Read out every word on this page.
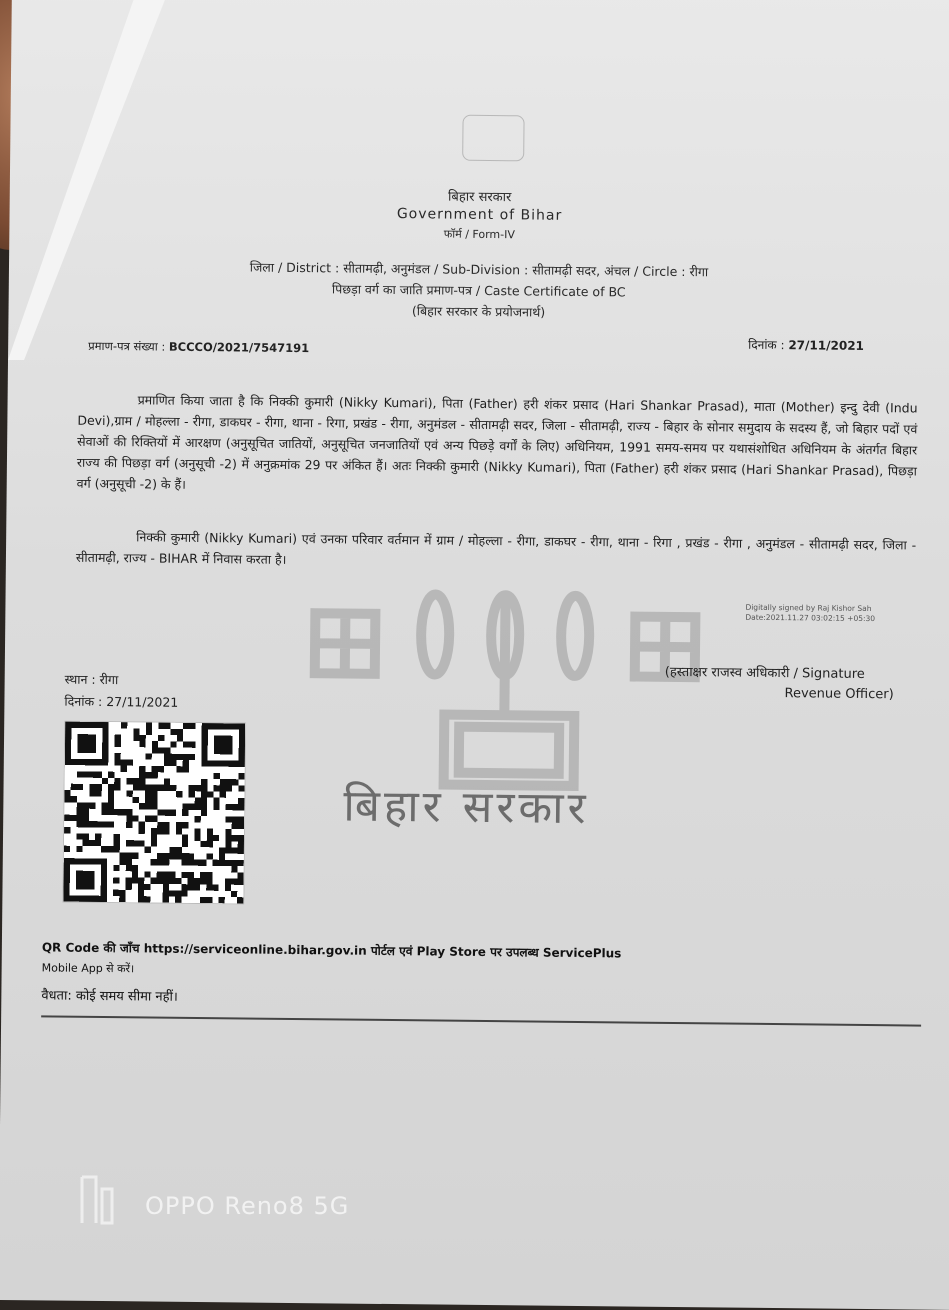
बिहार सरकार
Government of Bihar
फॉर्म / Form-IV
जिला / District : सीतामढ़ी, अनुमंडल / Sub-Division : सीतामढ़ी सदर, अंचल / Circle : रीगा
पिछड़ा वर्ग का जाति प्रमाण-पत्र / Caste Certificate of BC
(बिहार सरकार के प्रयोजनार्थ)
प्रमाण-पत्र संख्या : BCCCO/2021/7547191	दिनांक : 27/11/2021
प्रमाणित किया जाता है कि निक्की कुमारी (Nikky Kumari), पिता (Father) हरी शंकर प्रसाद (Hari Shankar Prasad), माता (Mother) इन्दु देवी (Indu Devi),ग्राम / मोहल्ला - रीगा, डाकघर - रीगा, थाना - रिगा, प्रखंड - रीगा, अनुमंडल - सीतामढ़ी सदर, जिला - सीतामढ़ी, राज्य - बिहार के सोनार समुदाय के सदस्य हैं, जो बिहार पदों एवं सेवाओं की रिक्तियों में आरक्षण (अनुसूचित जातियों, अनुसूचित जनजातियों एवं अन्य पिछड़े वर्गों के लिए) अधिनियम, 1991 समय-समय पर यथासंशोधित अधिनियम के अंतर्गत बिहार राज्य की पिछड़ा वर्ग (अनुसूची -2) में अनुक्रमांक 29 पर अंकित हैं। अतः निक्की कुमारी (Nikky Kumari), पिता (Father) हरी शंकर प्रसाद (Hari Shankar Prasad), पिछड़ा वर्ग (अनुसूची -2) के हैं।
निक्की कुमारी (Nikky Kumari) एवं उनका परिवार वर्तमान में ग्राम / मोहल्ला - रीगा, डाकघर - रीगा, थाना - रिगा , प्रखंड - रीगा , अनुमंडल - सीतामढ़ी सदर, जिला - सीतामढ़ी, राज्य - BIHAR में निवास करता है।
Digitally signed by Raj Kishor Sah
Date:2021.11.27 03:02:15 +05:30
(हस्ताक्षर राजस्व अधिकारी / Signature
Revenue Officer)
स्थान : रीगा
दिनांक : 27/11/2021
बिहार सरकार
QR Code की जाँच https://serviceonline.bihar.gov.in पोर्टल एवं Play Store पर उपलब्ध ServicePlus
Mobile App से करें।
वैधता: कोई समय सीमा नहीं।
OPPO Reno8 5G
